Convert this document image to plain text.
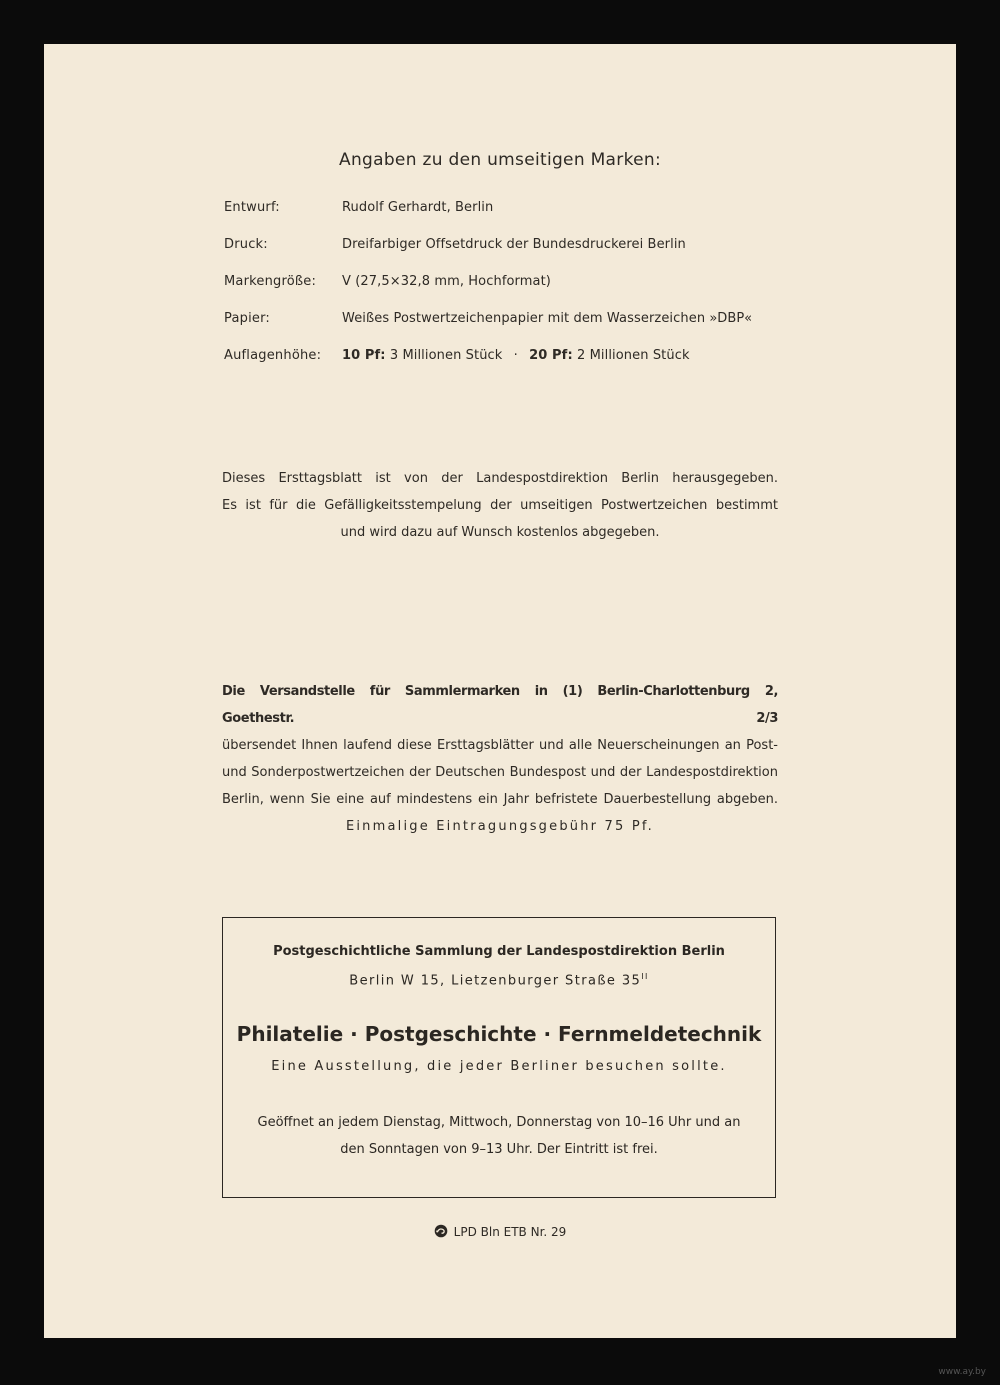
Angaben zu den umseitigen Marken:
Entwurf:	Rudolf Gerhardt, Berlin
Druck:	Dreifarbiger Offsetdruck der Bundesdruckerei Berlin
Markengröße: V (27,5×32,8 mm, Hochformat)
Papier:	Weißes Postwertzeichenpapier mit dem Wasserzeichen »DBP«
Auflagenhöhe: 10 Pf: 3 Millionen Stück · 20 Pf: 2 Millionen Stück
Dieses Ersttagsblatt ist von der Landespostdirektion Berlin herausgegeben.
Es ist für die Gefälligkeitsstempelung der umseitigen Postwertzeichen bestimmt
und wird dazu auf Wunsch kostenlos abgegeben.
Die Versandstelle für Sammlermarken in (1) Berlin-Charlottenburg 2, Goethestr. 2/3
übersendet Ihnen laufend diese Ersttagsblätter und alle Neuerscheinungen an Post-
und Sonderpostwertzeichen der Deutschen Bundespost und der Landespostdirektion
Berlin, wenn Sie eine auf mindestens ein Jahr befristete Dauerbestellung abgeben.
Einmalige Eintragungsgebühr 75 Pf.
Postgeschichtliche Sammlung der Landespostdirektion Berlin
Berlin W 15, Lietzenburger Straße $35^{II}$
Philatelie · Postgeschichte · Fernmeldetechnik
Eine Ausstellung, die jeder Berliner besuchen sollte.
Geöffnet an jedem Dienstag, Mittwoch, Donnerstag von 10–16 Uhr und an
den Sonntagen von 9–13 Uhr. Der Eintritt ist frei.
LPD Bln ETB Nr. 29
www.ay.by
